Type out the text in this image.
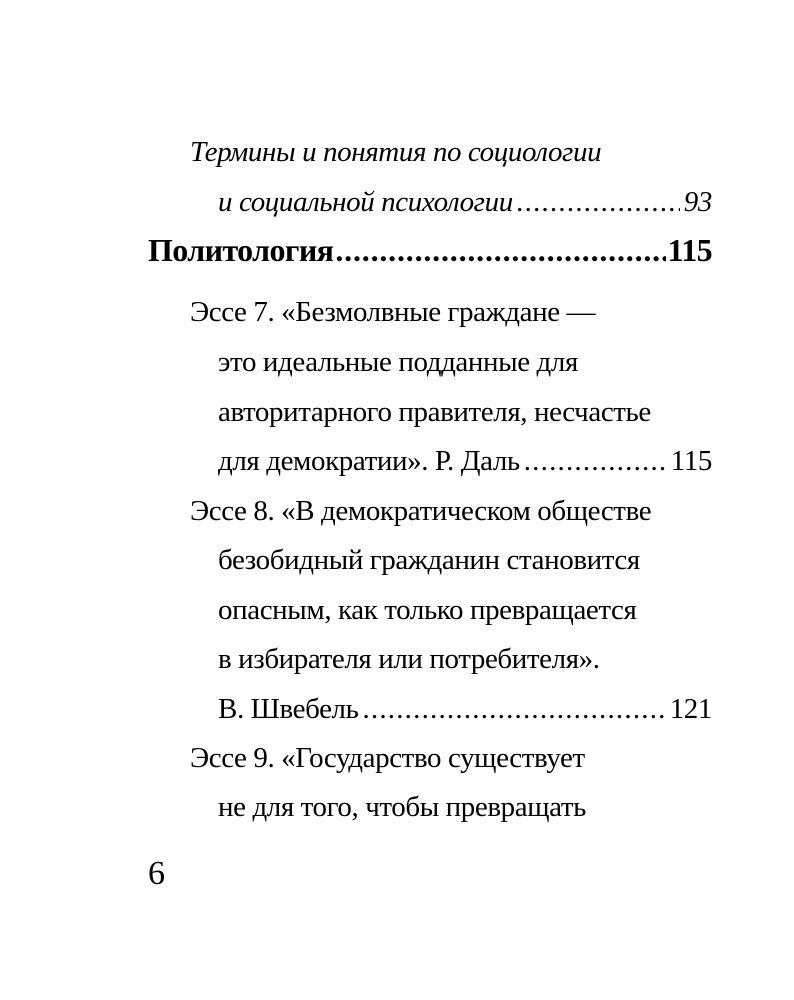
Термины и понятия по социологии
и социальной психологии .....	93
Политология .....	115
Эссе 7. «Безмолвные граждане —
это идеальные подданные для
авторитарного правителя, несчастье
для демократии». Р. Даль .....	115
Эссе 8. «В демократическом обществе
безобидный гражданин становится
опасным, как только превращается
в избирателя или потребителя».
В. Швебель .....	121
Эссе 9. «Государство существует
не для того, чтобы превращать
6
